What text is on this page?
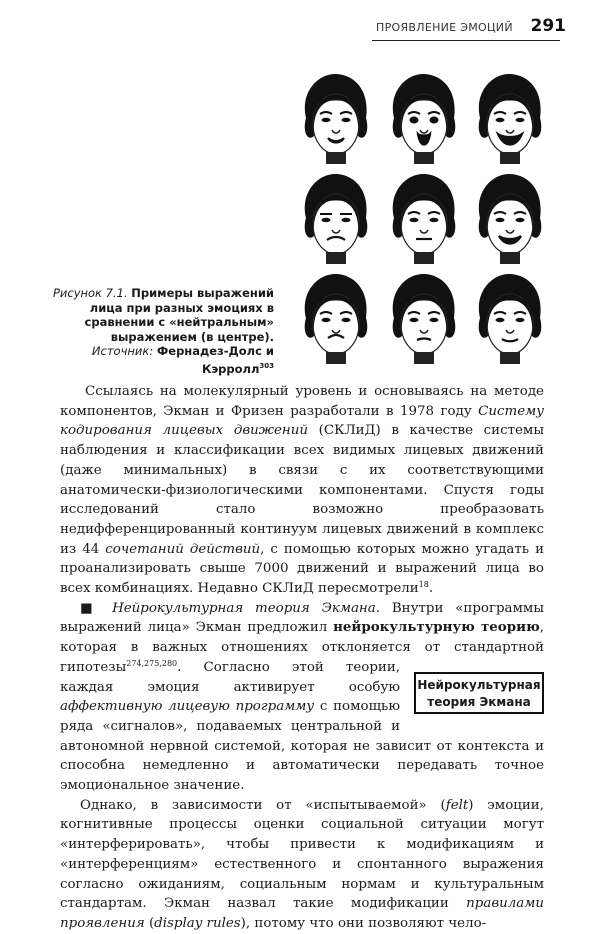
ПРОЯВЛЕНИЕ ЭМОЦИЙ 291
Рисунок 7.1. Примеры выражений лица при разных эмоциях в сравнении с «нейтральным» выражением (в центре).
Источник: Фернадез-Долс и Кэрролл$^{303}$

Ссылаясь на молекулярный уровень и основываясь на методе компонентов, Экман и Фризен разработали в 1978 году Систему кодирования лицевых движений (СКЛиД) в качестве системы наблюдения и классификации всех видимых лицевых движений (даже минимальных) в связи с их соответствующими анатомически-физиологическими компонентами. Спустя годы исследований стало возможно преобразовать недифференцированный континуум лицевых движений в комплекс из 44 сочетаний действий, с помощью которых можно угадать и проанализировать свыше 7000 движений и выражений лица во всех комбинациях. Недавно СКЛиД пересмотрели$^{18}$.

■ Нейрокультурная теория Экмана. Внутри «программы выражений лица» Экман предложил нейрокультурную теорию, которая в важных отношениях отклоняется от стандартной гипотезы
Нейрокультурная
теория Экмана
$^{274,275,280}$. Согласно этой теории, каждая эмоция активирует особую аффективную лицевую программу с помощью ряда «сигналов», подаваемых центральной и автономной нервной системой, которая не зависит от контекста и способна немедленно и автоматически передавать точное эмоциональное значение.

Однако, в зависимости от «испытываемой» (felt) эмоции, когнитивные процессы оценки социальной ситуации могут «интерферировать», чтобы привести к модификациям и «интерференциям» естественного и спонтанного выражения согласно ожиданиям, социальным нормам и культуральным стандартам. Экман назвал такие модификации правилами проявления (display rules), потому что они позволяют чело-
